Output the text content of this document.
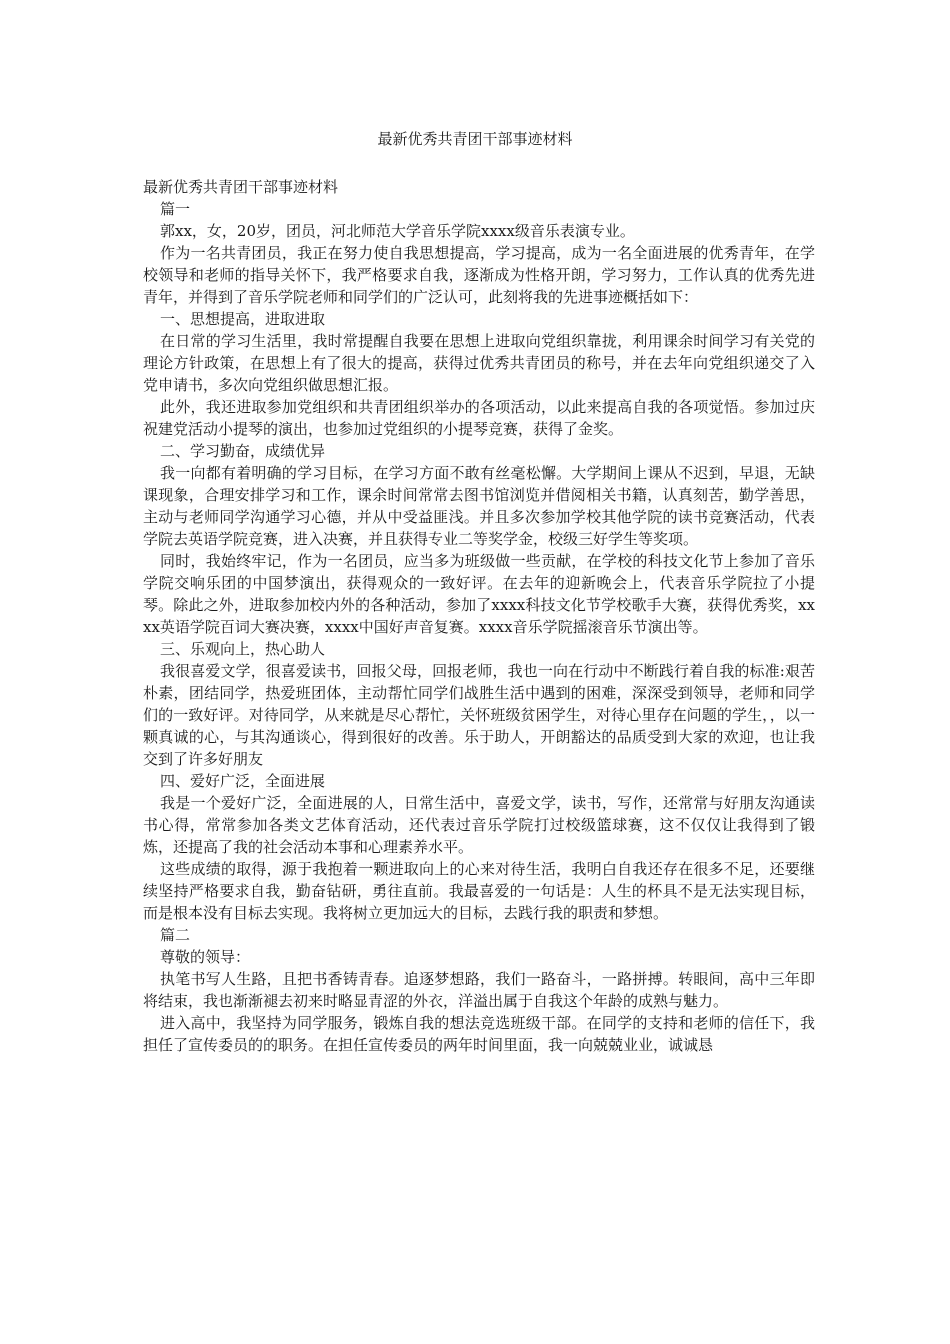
最新优秀共青团干部事迹材料

最新优秀共青团干部事迹材料

篇一

郭xx，女，20岁，团员，河北师范大学音乐学院xxxx级音乐表演专业。

作为一名共青团员，我正在努力使自我思想提高，学习提高，成为一名全面进展的优秀青年，在学校领导和老师的指导关怀下，我严格要求自我，逐渐成为性格开朗，学习努力，工作认真的优秀先进青年，并得到了音乐学院老师和同学们的广泛认可，此刻将我的先进事迹概括如下：

一、思想提高，进取进取

在日常的学习生活里，我时常提醒自我要在思想上进取向党组织靠拢，利用课余时间学习有关党的理论方针政策，在思想上有了很大的提高，获得过优秀共青团员的称号，并在去年向党组织递交了入党申请书，多次向党组织做思想汇报。

此外，我还进取参加党组织和共青团组织举办的各项活动，以此来提高自我的各项觉悟。参加过庆祝建党活动小提琴的演出，也参加过党组织的小提琴竞赛，获得了金奖。

二、学习勤奋，成绩优异

我一向都有着明确的学习目标，在学习方面不敢有丝毫松懈。大学期间上课从不迟到，早退，无缺课现象，合理安排学习和工作，课余时间常常去图书馆浏览并借阅相关书籍，认真刻苦，勤学善思，主动与老师同学沟通学习心德，并从中受益匪浅。并且多次参加学校其他学院的读书竞赛活动，代表学院去英语学院竞赛，进入决赛，并且获得专业二等奖学金，校级三好学生等奖项。

同时，我始终牢记，作为一名团员，应当多为班级做一些贡献，在学校的科技文化节上参加了音乐学院交响乐团的中国梦演出，获得观众的一致好评。在去年的迎新晚会上，代表音乐学院拉了小提琴。除此之外，进取参加校内外的各种活动，参加了xxxx科技文化节学校歌手大赛，获得优秀奖，xxxx英语学院百词大赛决赛，xxxx中国好声音复赛。xxxx音乐学院摇滚音乐节演出等。

三、乐观向上，热心助人

我很喜爱文学，很喜爱读书，回报父母，回报老师，我也一向在行动中不断践行着自我的标准:艰苦朴素，团结同学，热爱班团体，主动帮忙同学们战胜生活中遇到的困难，深深受到领导，老师和同学们的一致好评。对待同学，从来就是尽心帮忙，关怀班级贫困学生，对待心里存在问题的学生，，以一颗真诚的心，与其沟通谈心，得到很好的改善。乐于助人，开朗豁达的品质受到大家的欢迎，也让我交到了许多好朋友

四、爱好广泛，全面进展

我是一个爱好广泛，全面进展的人，日常生活中，喜爱文学，读书，写作，还常常与好朋友沟通读书心得，常常参加各类文艺体育活动，还代表过音乐学院打过校级篮球赛，这不仅仅让我得到了锻炼，还提高了我的社会活动本事和心理素养水平。

这些成绩的取得，源于我抱着一颗进取向上的心来对待生活，我明白自我还存在很多不足，还要继续坚持严格要求自我，勤奋钻研，勇往直前。我最喜爱的一句话是：人生的杯具不是无法实现目标，而是根本没有目标去实现。我将树立更加远大的目标，去践行我的职责和梦想。

篇二

尊敬的领导：

执笔书写人生路，且把书香铸青春。追逐梦想路，我们一路奋斗，一路拼搏。转眼间，高中三年即将结束，我也渐渐褪去初来时略显青涩的外衣，洋溢出属于自我这个年龄的成熟与魅力。

进入高中，我坚持为同学服务，锻炼自我的想法竞选班级干部。在同学的支持和老师的信任下，我担任了宣传委员的的职务。在担任宣传委员的两年时间里面，我一向兢兢业业，诚诚恳
